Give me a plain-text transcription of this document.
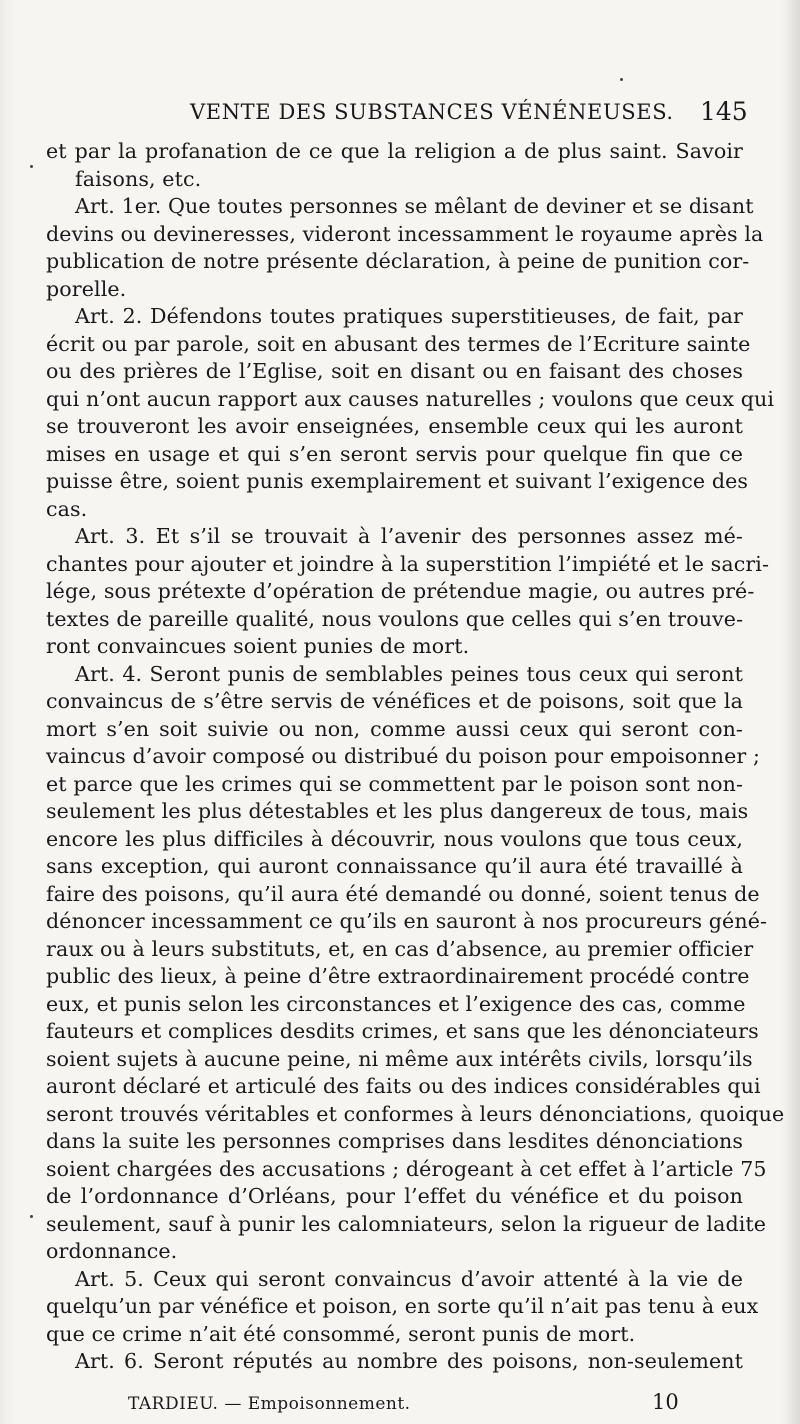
VENTE DES SUBSTANCES VÉNÉNEUSES. 145
et par la profanation de ce que la religion a de plus saint. Savoir
faisons, etc.
Art. 1er. Que toutes personnes se mêlant de deviner et se disant
devins ou devineresses, videront incessamment le royaume après la
publication de notre présente déclaration, à peine de punition cor-
porelle.
Art. 2. Défendons toutes pratiques superstitieuses, de fait, par
écrit ou par parole, soit en abusant des termes de l’Ecriture sainte
ou des prières de l’Eglise, soit en disant ou en faisant des choses
qui n’ont aucun rapport aux causes naturelles ; voulons que ceux qui
se trouveront les avoir enseignées, ensemble ceux qui les auront
mises en usage et qui s’en seront servis pour quelque fin que ce
puisse être, soient punis exemplairement et suivant l’exigence des
cas.
Art. 3. Et s’il se trouvait à l’avenir des personnes assez mé-
chantes pour ajouter et joindre à la superstition l’impiété et le sacri-
lége, sous prétexte d’opération de prétendue magie, ou autres pré-
textes de pareille qualité, nous voulons que celles qui s’en trouve-
ront convaincues soient punies de mort.
Art. 4. Seront punis de semblables peines tous ceux qui seront
convaincus de s’être servis de vénéfices et de poisons, soit que la
mort s’en soit suivie ou non, comme aussi ceux qui seront con-
vaincus d’avoir composé ou distribué du poison pour empoisonner ;
et parce que les crimes qui se commettent par le poison sont non-
seulement les plus détestables et les plus dangereux de tous, mais
encore les plus difficiles à découvrir, nous voulons que tous ceux,
sans exception, qui auront connaissance qu’il aura été travaillé à
faire des poisons, qu’il aura été demandé ou donné, soient tenus de
dénoncer incessamment ce qu’ils en sauront à nos procureurs géné-
raux ou à leurs substituts, et, en cas d’absence, au premier officier
public des lieux, à peine d’être extraordinairement procédé contre
eux, et punis selon les circonstances et l’exigence des cas, comme
fauteurs et complices desdits crimes, et sans que les dénonciateurs
soient sujets à aucune peine, ni même aux intérêts civils, lorsqu’ils
auront déclaré et articulé des faits ou des indices considérables qui
seront trouvés véritables et conformes à leurs dénonciations, quoique
dans la suite les personnes comprises dans lesdites dénonciations
soient chargées des accusations ; dérogeant à cet effet à l’article 75
de l’ordonnance d’Orléans, pour l’effet du vénéfice et du poison
seulement, sauf à punir les calomniateurs, selon la rigueur de ladite
ordonnance.
Art. 5. Ceux qui seront convaincus d’avoir attenté à la vie de
quelqu’un par vénéfice et poison, en sorte qu’il n’ait pas tenu à eux
que ce crime n’ait été consommé, seront punis de mort.
Art. 6. Seront réputés au nombre des poisons, non-seulement
TARDIEU. — Empoisonnement.	10
